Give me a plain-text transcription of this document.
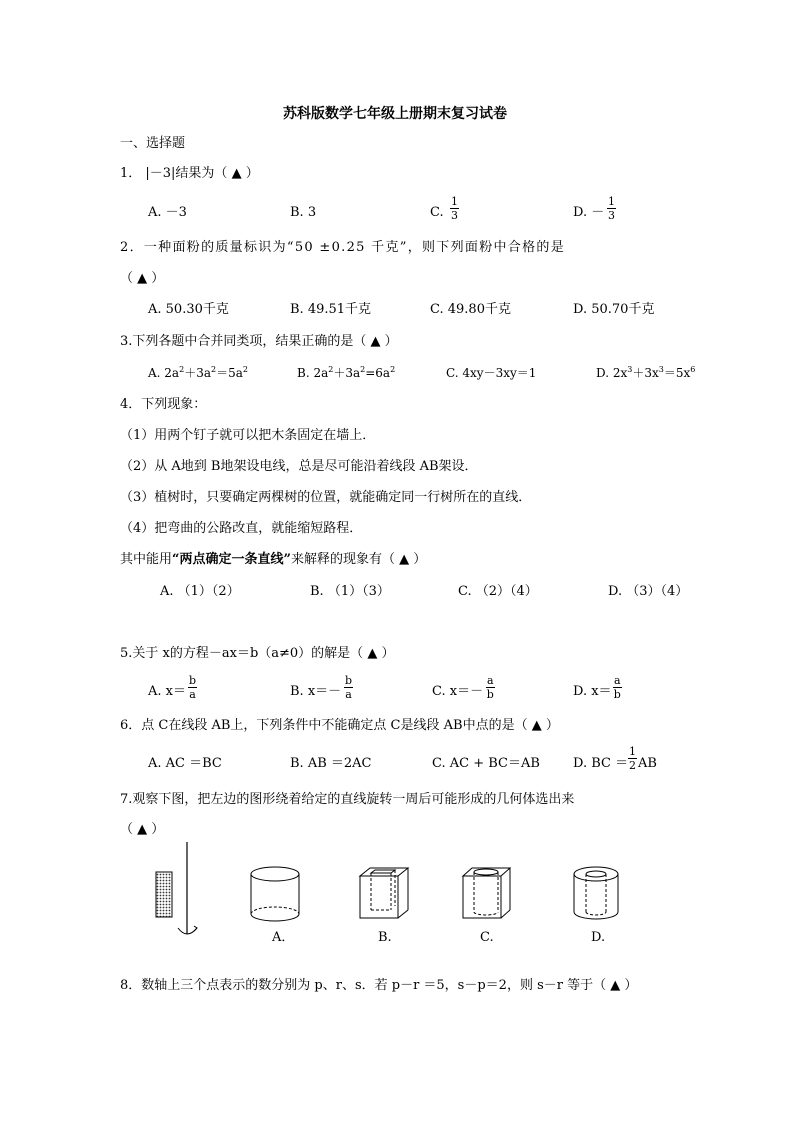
苏科版数学七年级上册期末复习试卷
一、选择题
1． |－3|结果为（ ▲ ）
A. －3	B. 3	C. $\frac{1}{3}$	D. － $\frac{1}{3}$
2．一种面粉的质量标识为“50 ±0.25 千克”，则下列面粉中合格的是
（ ▲ ）
A. 50.30千克	B. 49.51千克	C. 49.80千克	D. 50.70千克
3.下列各题中合并同类项，结果正确的是（ ▲ ）
A. $2a^2+3a^2=5a^2$	B. $2a^2+3a^2=6a^2$	C. 4xy－3xy＝1	D. $2x^3+3x^3=5x^6$
4．下列现象：
（1）用两个钉子就可以把木条固定在墙上．
（2）从 A地到 B地架设电线，总是尽可能沿着线段 AB架设．
（3）植树时，只要确定两棵树的位置，就能确定同一行树所在的直线．
（4）把弯曲的公路改直，就能缩短路程．
其中能用“两点确定一条直线”来解释的现象有（ ▲ ）
A. （1）（2）	B. （1）（3）	C. （2）（4）	D. （3）（4）
5.关于 x的方程－ax＝b（a≠0）的解是（ ▲ ）
A. $x= \frac{b}{a}$	B. $x=- \frac{b}{a}$	C. $x=- \frac{a}{b}$	D. $x= \frac{a}{b}$
6．点 C在线段 AB上，下列条件中不能确定点 C是线段 AB中点的是（ ▲ ）
A. AC ＝BC	B. AB ＝2AC	C. AC + BC＝AB	D. BC ＝ $\frac{1}{2}$ AB
7.观察下图，把左边的图形绕着给定的直线旋转一周后可能形成的几何体选出来
（ ▲ ）
A．	B.	C.	D.
8．数轴上三个点表示的数分别为 p、r、s．若 p－r ＝5，s－p＝2，则 s－r 等于（ ▲ ）
